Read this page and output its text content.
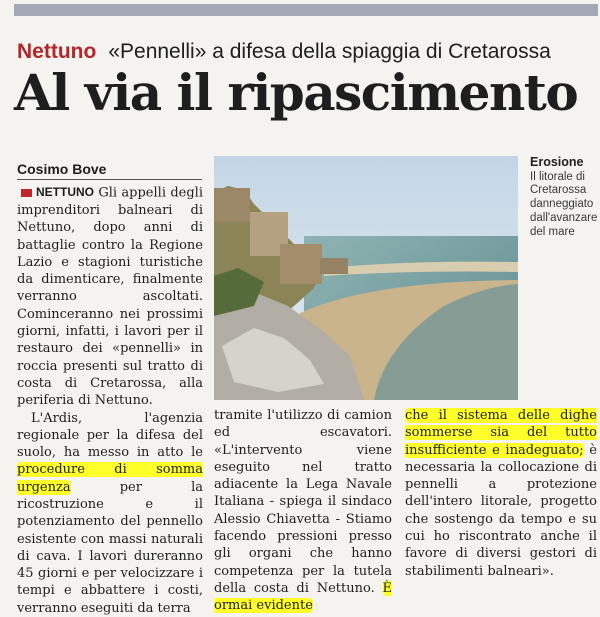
Nettuno «Pennelli» a difesa della spiaggia di Cretarossa
Al via il ripascimento
Cosimo Bove

NETTUNO Gli appelli degli imprenditori balneari di Nettuno, dopo anni di battaglie contro la Regione Lazio e stagioni turistiche da dimenticare, finalmente verranno ascoltati. Cominceranno nei prossimi giorni, infatti, i lavori per il restauro dei «pennelli» in roccia presenti sul tratto di costa di Cretarossa, alla periferia di Nettuno.

L'Ardis, l'agenzia regionale per la difesa del suolo, ha messo in atto le procedure di somma urgenza	per la ricostruzione e il potenziamento del pennello esistente con massi naturali di cava. I lavori dureranno 45 giorni e per velocizzare i tempi e abbattere i costi, verranno eseguiti da terra

Erosione
Il litorale di Cretarossa danneggiato dall'avanzare del mare

tramite l'utilizzo di camion ed escavatori. «L'intervento viene eseguito nel tratto adiacente la Lega Navale Italiana - spiega il sindaco Alessio Chiavetta - Stiamo facendo pressioni presso gli organi che hanno competenza per la tutela della costa di Nettuno. È ormai evidente

che il sistema delle dighe sommerse sia del tutto insufficiente e inadeguato; è necessaria la collocazione di pennelli a protezione dell'intero litorale, progetto che sostengo da tempo e su cui ho riscontrato anche il favore di diversi gestori di stabilimenti balneari».
